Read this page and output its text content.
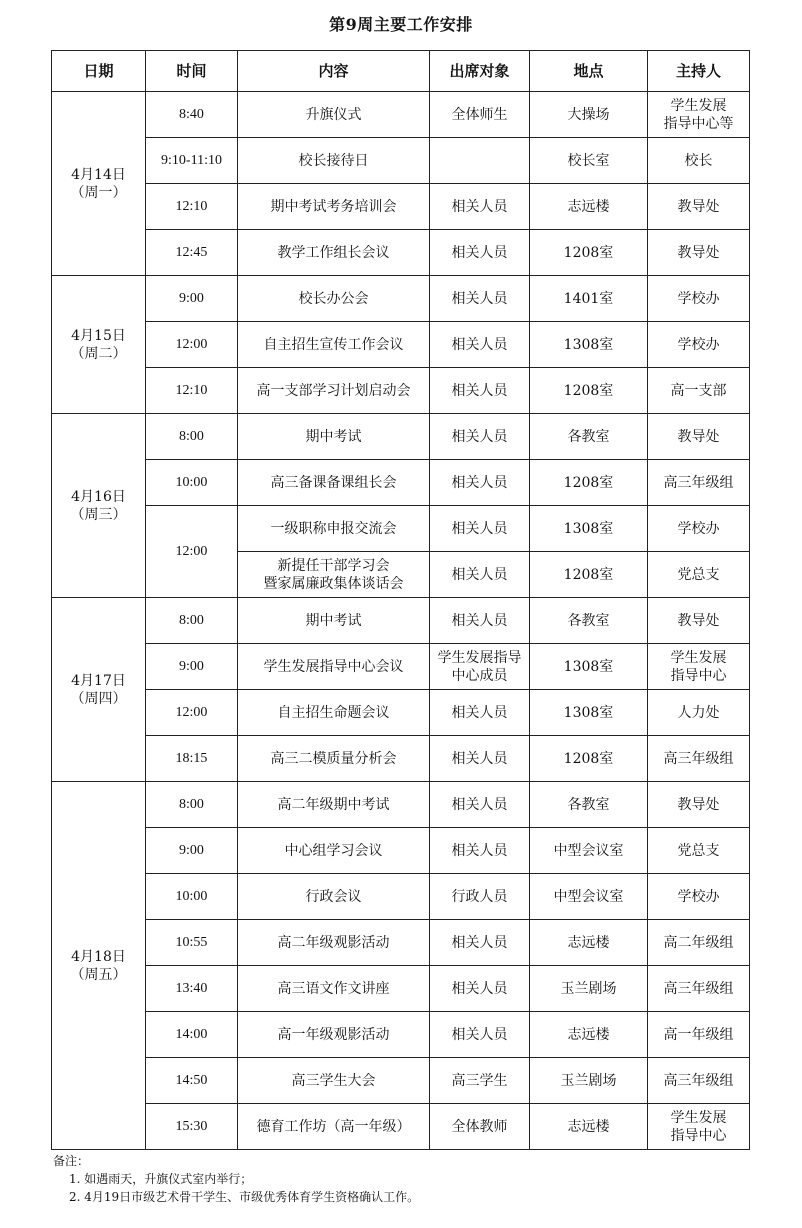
第9周主要工作安排
日期	时间	内容	出席对象	地点	主持人
4月14日
（周一）	8:40	升旗仪式	全体师生	大操场	学生发展
指导中心等
	9:10-11:10	校长接待日		校长室	校长
	12:10	期中考试考务培训会	相关人员	志远楼	教导处
	12:45	教学工作组长会议	相关人员	1208室	教导处
4月15日
（周二）	9:00	校长办公会	相关人员	1401室	学校办
	12:00	自主招生宣传工作会议	相关人员	1308室	学校办
	12:10	高一支部学习计划启动会	相关人员	1208室	高一支部
4月16日
（周三）	8:00	期中考试	相关人员	各教室	教导处
	10:00	高三备课备课组长会	相关人员	1208室	高三年级组
	12:00	一级职称申报交流会	相关人员	1308室	学校办
		新提任干部学习会
暨家属廉政集体谈话会	相关人员	1208室	党总支
4月17日
（周四）	8:00	期中考试	相关人员	各教室	教导处
	9:00	学生发展指导中心会议	学生发展指导
中心成员	1308室	学生发展
指导中心
	12:00	自主招生命题会议	相关人员	1308室	人力处
	18:15	高三二模质量分析会	相关人员	1208室	高三年级组
4月18日
（周五）	8:00	高二年级期中考试	相关人员	各教室	教导处
	9:00	中心组学习会议	相关人员	中型会议室	党总支
	10:00	行政会议	行政人员	中型会议室	学校办
	10:55	高二年级观影活动	相关人员	志远楼	高二年级组
	13:40	高三语文作文讲座	相关人员	玉兰剧场	高三年级组
	14:00	高一年级观影活动	相关人员	志远楼	高一年级组
	14:50	高三学生大会	高三学生	玉兰剧场	高三年级组
	15:30	德育工作坊（高一年级）	全体教师	志远楼	学生发展
指导中心
备注：
1. 如遇雨天，升旗仪式室内举行；
2. 4月19日市级艺术骨干学生、市级优秀体育学生资格确认工作。
